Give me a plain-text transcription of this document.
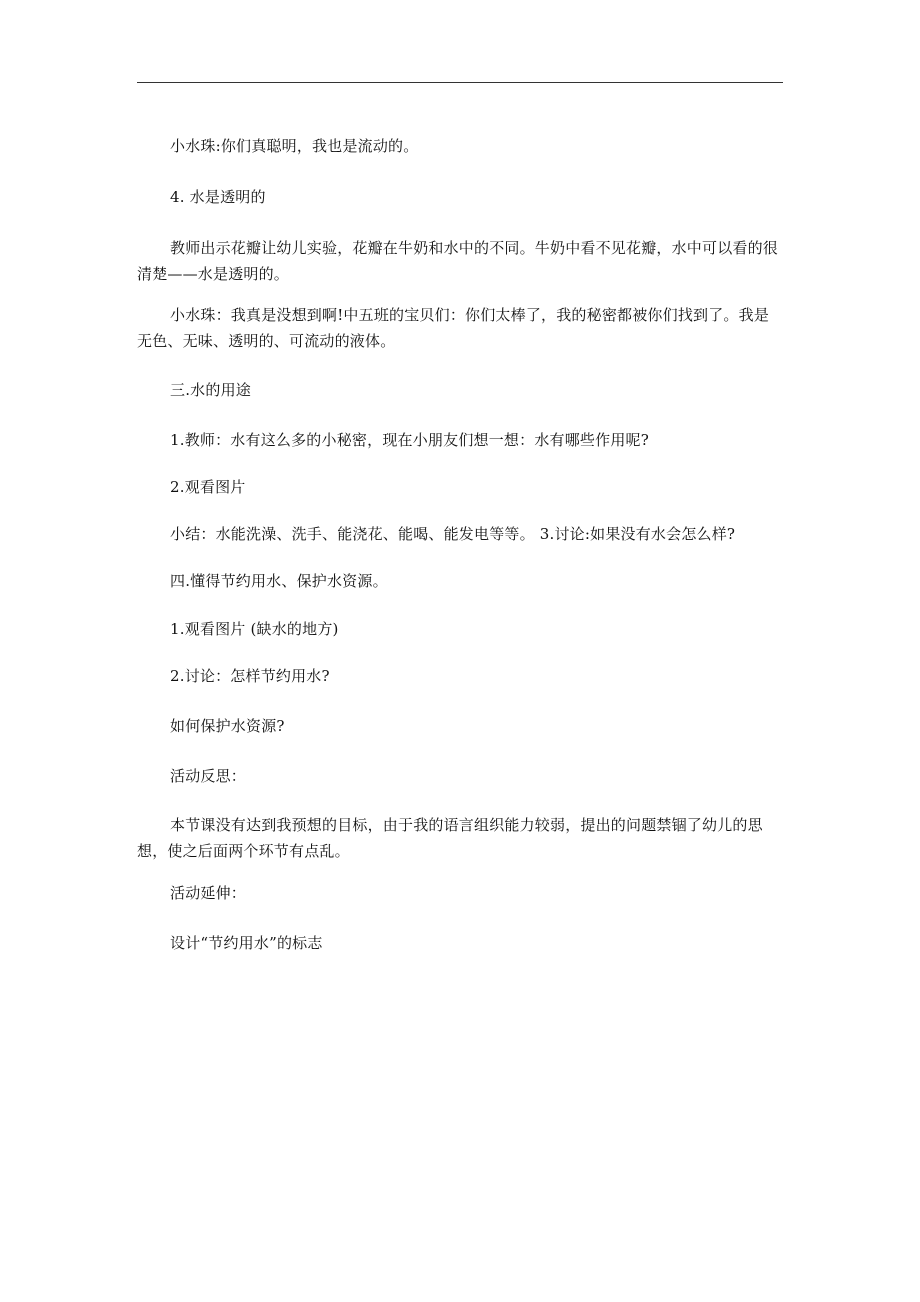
小水珠:你们真聪明，我也是流动的。

4. 水是透明的

教师出示花瓣让幼儿实验，花瓣在牛奶和水中的不同。牛奶中看不见花瓣，水中可以看的很清楚——水是透明的。

小水珠：我真是没想到啊!中五班的宝贝们：你们太棒了，我的秘密都被你们找到了。我是无色、无味、透明的、可流动的液体。

三.水的用途

1.教师：水有这么多的小秘密，现在小朋友们想一想：水有哪些作用呢?

2.观看图片

小结：水能洗澡、洗手、能浇花、能喝、能发电等等。 3.讨论:如果没有水会怎么样?

四.懂得节约用水、保护水资源。

1.观看图片 (缺水的地方)

2.讨论：怎样节约用水?

如何保护水资源?

活动反思：

本节课没有达到我预想的目标，由于我的语言组织能力较弱，提出的问题禁锢了幼儿的思想，使之后面两个环节有点乱。

活动延伸：

设计“节约用水”的标志
